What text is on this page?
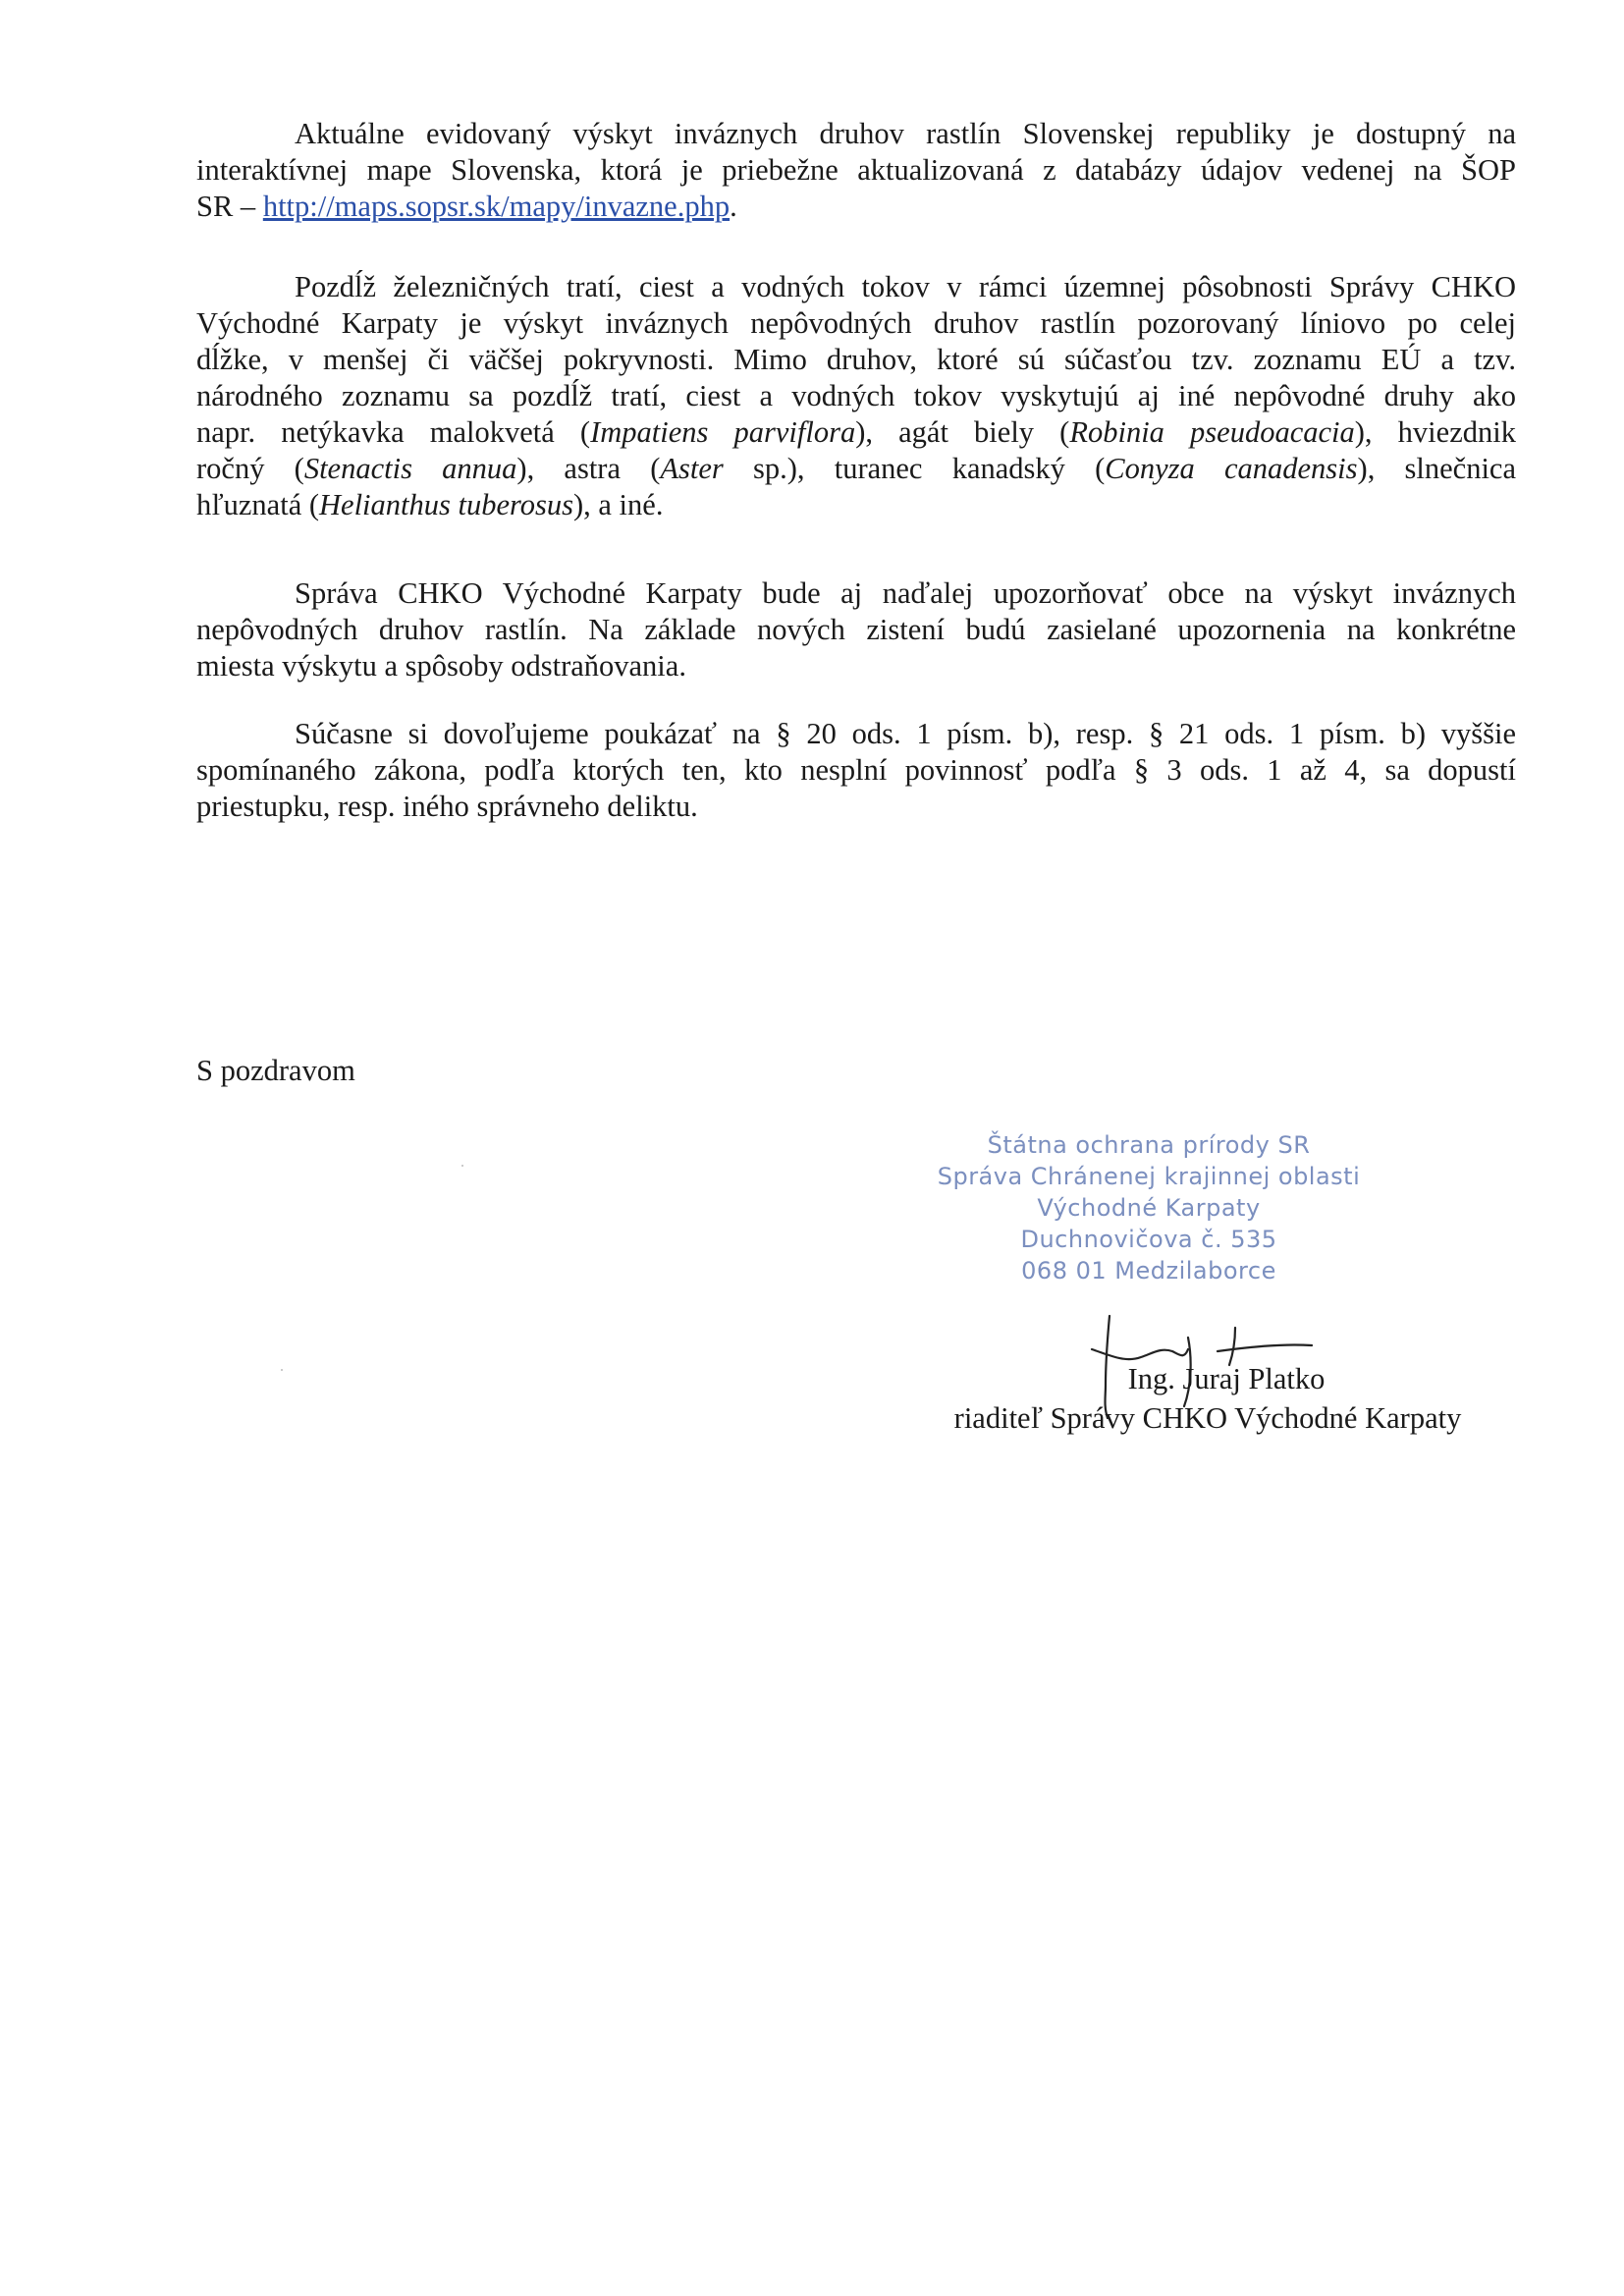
Aktuálne evidovaný výskyt inváznych druhov rastlín Slovenskej republiky je dostupný na
interaktívnej mape Slovenska, ktorá je priebežne aktualizovaná z databázy údajov vedenej na ŠOP
SR – http://maps.sopsr.sk/mapy/invazne.php.

Pozdĺž železničných tratí, ciest a vodných tokov v rámci územnej pôsobnosti Správy CHKO
Východné Karpaty je výskyt inváznych nepôvodných druhov rastlín pozorovaný líniovo po celej
dĺžke, v menšej či väčšej pokryvnosti. Mimo druhov, ktoré sú súčasťou tzv. zoznamu EÚ a tzv.
národného zoznamu sa pozdĺž tratí, ciest a vodných tokov vyskytujú aj iné nepôvodné druhy ako
napr. netýkavka malokvetá (Impatiens parviflora), agát biely (Robinia pseudoacacia), hviezdnik
ročný (Stenactis annua), astra (Aster sp.), turanec kanadský (Conyza canadensis), slnečnica
hľuznatá (Helianthus tuberosus), a iné.

Správa CHKO Východné Karpaty bude aj naďalej upozorňovať obce na výskyt inváznych
nepôvodných druhov rastlín. Na základe nových zistení budú zasielané upozornenia na konkrétne
miesta výskytu a spôsoby odstraňovania.

Súčasne si dovoľujeme poukázať na § 20 ods. 1 písm. b), resp. § 21 ods. 1 písm. b) vyššie
spomínaného zákona, podľa ktorých ten, kto nesplní povinnosť podľa § 3 ods. 1 až 4, sa dopustí
priestupku, resp. iného správneho deliktu.

S pozdravom
Štátna ochrana prírody SR
Správa Chránenej krajinnej oblasti
Východné Karpaty
Duchnovičova č. 535
068 01 Medzilaborce
Ing. Juraj Platko
riaditeľ Správy CHKO Východné Karpaty
